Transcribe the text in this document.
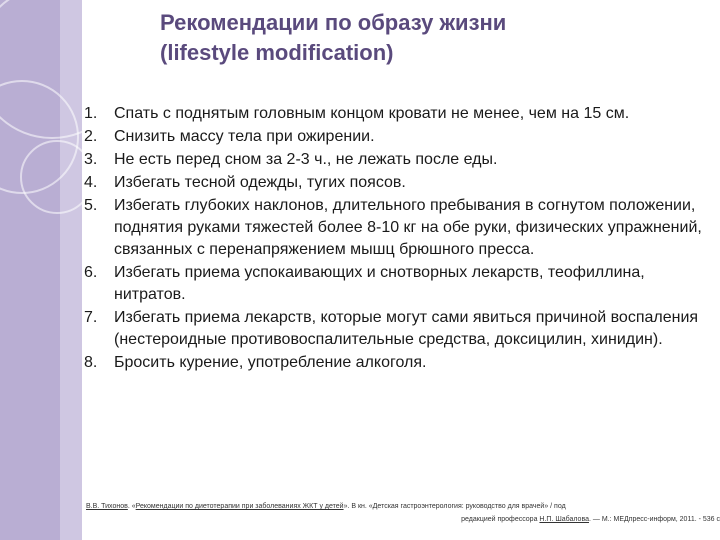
Рекомендации по образу жизни
(lifestyle modification)
1. Спать с поднятым головным концом кровати не менее, чем на 15 см.
2. Снизить массу тела при ожирении.
3. Не есть перед сном за 2-3 ч., не лежать после еды.
4. Избегать тесной одежды, тугих поясов.
5. Избегать глубоких наклонов, длительного пребывания в согнутом положении, поднятия руками тяжестей более 8-10 кг на обе руки, физических упражнений, связанных с перенапряжением мышц брюшного пресса.
6. Избегать приема успокаивающих и снотворных лекарств, теофиллина, нитратов.
7. Избегать приема лекарств, которые могут сами явиться причиной воспаления (нестероидные противовоспалительные средства, доксицилин, хинидин).
8. Бросить курение, употребление алкоголя.
В.В. Тихонов. «Рекомендации по диетотерапии при заболеваниях ЖКТ у детей». В кн. «Детская гастроэнтерология: руководство для врачей» / под
редакцией профессора Н.П. Шабалова. — М.: МЕДпресс-информ, 2011. - 536 с
